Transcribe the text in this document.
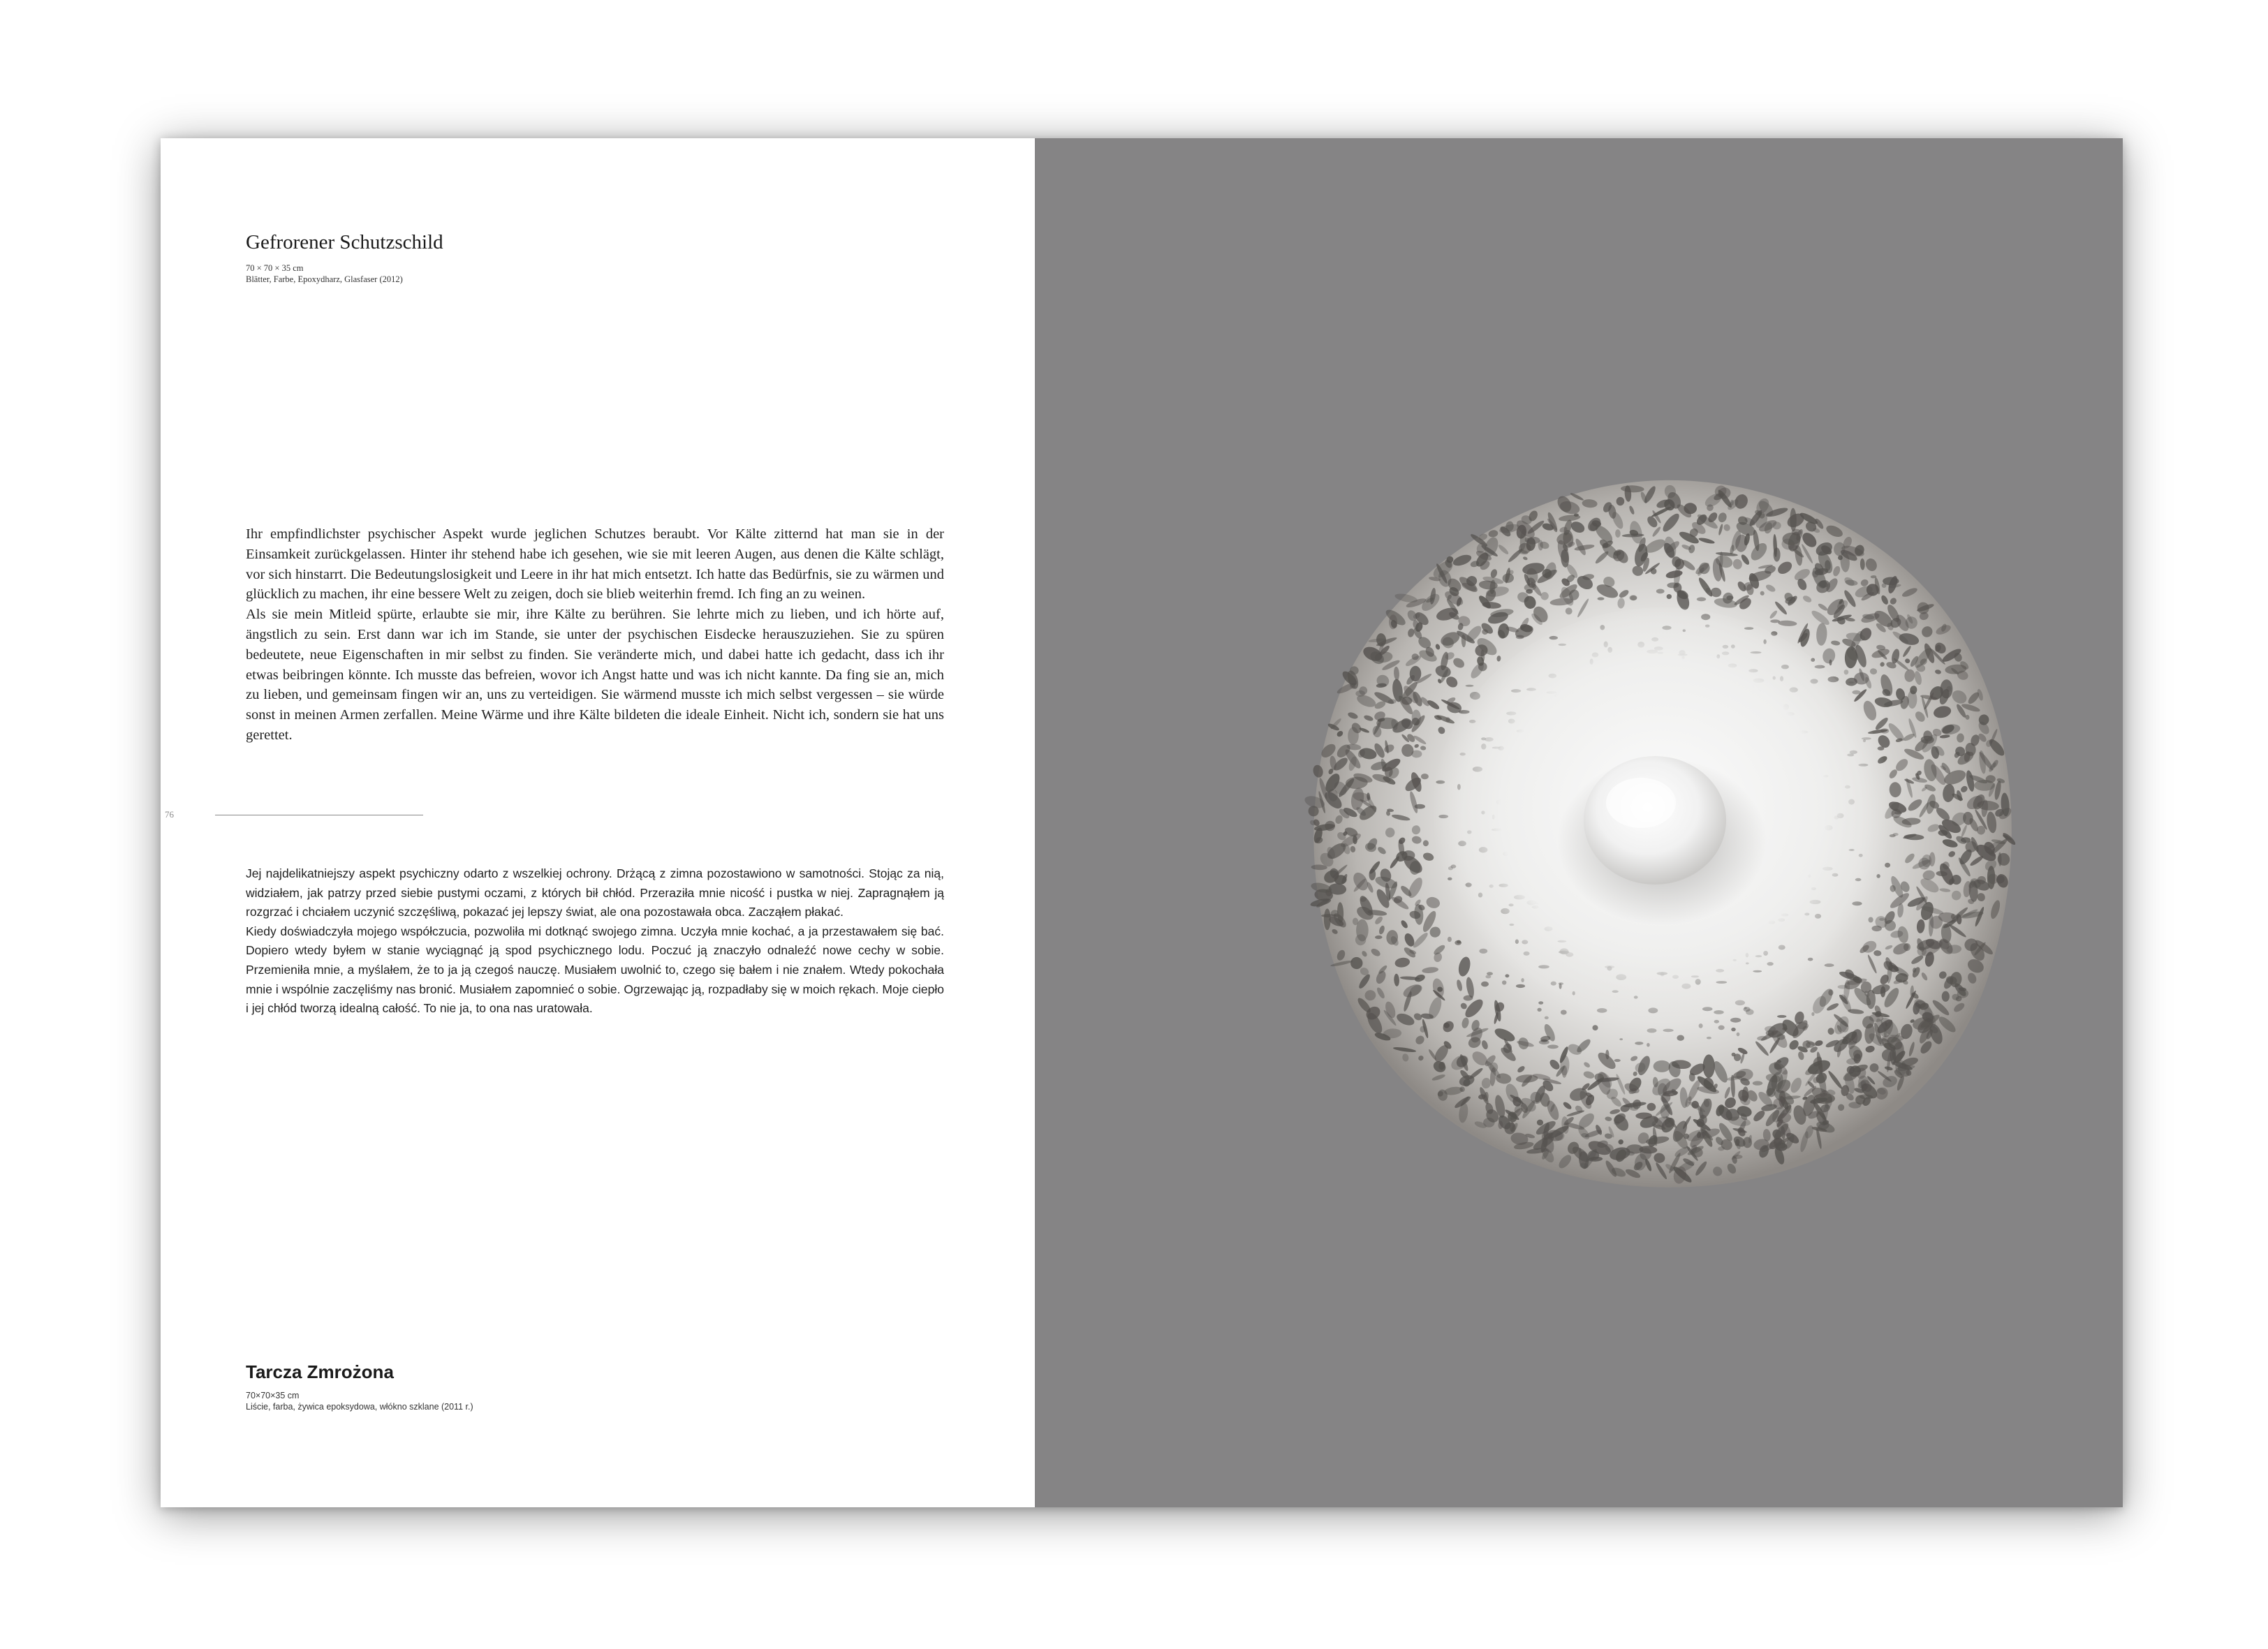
Gefrorener Schutzschild
70 × 70 × 35 cm
Blätter, Farbe, Epoxydharz, Glasfaser (2012)

Ihr empfindlichster psychischer Aspekt wurde jeglichen Schutzes beraubt. Vor Kälte zitternd hat man sie in der Einsamkeit zurückgelassen. Hinter ihr stehend habe ich gesehen, wie sie mit leeren Augen, aus denen die Kälte schlägt, vor sich hinstarrt. Die Bedeutungslosigkeit und Leere in ihr hat mich entsetzt. Ich hatte das Bedürfnis, sie zu wärmen und glücklich zu machen, ihr eine bessere Welt zu zeigen, doch sie blieb weiterhin fremd. Ich fing an zu weinen.

Als sie mein Mitleid spürte, erlaubte sie mir, ihre Kälte zu berühren. Sie lehrte mich zu lieben, und ich hörte auf, ängstlich zu sein. Erst dann war ich im Stande, sie unter der psychischen Eisdecke herauszuziehen. Sie zu spüren bedeutete, neue Eigenschaften in mir selbst zu finden. Sie veränderte mich, und dabei hatte ich gedacht, dass ich ihr etwas beibringen könnte. Ich musste das befreien, wovor ich Angst hatte und was ich nicht kannte. Da fing sie an, mich zu lieben, und gemeinsam fingen wir an, uns zu verteidigen. Sie wärmend musste ich mich selbst vergessen – sie würde sonst in meinen Armen zerfallen. Meine Wärme und ihre Kälte bildeten die ideale Einheit. Nicht ich, sondern sie hat uns gerettet.

76

Jej najdelikatniejszy aspekt psychiczny odarto z wszelkiej ochrony. Drżącą z zimna pozostawiono w samotności. Stojąc za nią, widziałem, jak patrzy przed siebie pustymi oczami, z których bił chłód. Przeraziła mnie nicość i pustka w niej. Zapragnąłem ją rozgrzać i chciałem uczynić szczęśliwą, pokazać jej lepszy świat, ale ona pozostawała obca. Zacząłem płakać.

Kiedy doświadczyła mojego współczucia, pozwoliła mi dotknąć swojego zimna. Uczyła mnie kochać, a ja przestawałem się bać. Dopiero wtedy byłem w stanie wyciągnąć ją spod psychicznego lodu. Poczuć ją znaczyło odnaleźć nowe cechy w sobie. Przemieniła mnie, a myślałem, że to ja ją czegoś nauczę. Musiałem uwolnić to, czego się bałem i nie znałem. Wtedy pokochała mnie i wspólnie zaczęliśmy nas bronić. Musiałem zapomnieć o sobie. Ogrzewając ją, rozpadłaby się w moich rękach. Moje ciepło i jej chłód tworzą idealną całość. To nie ja, to ona nas uratowała.

Tarcza Zmrożona
70×70×35 cm
Liście, farba, żywica epoksydowa, włókno szklane (2011 r.)
